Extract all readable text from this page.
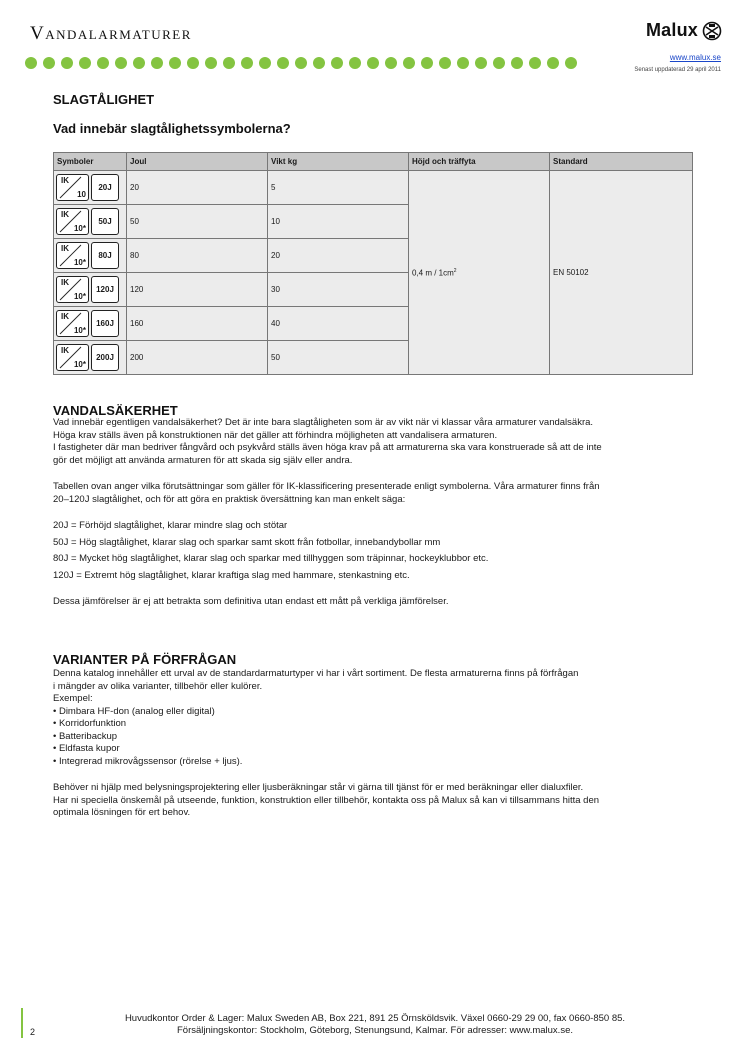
Vandalarmaturer	Malux
www.malux.se
Senast uppdaterad 29 april 2011
SLAGTÅLIGHET
Vad innebär slagtålighetssymbolerna?
Symboler	Joul	Vikt kg	Höjd och träffyta	Standard

IK
10
20J	20	5	0,4 m / $1cm^2$	EN 50102

IK
10*
50J	50	10		

IK
10*
80J	80	20		

IK
10*
120J	120	30		

IK
10*
160J	160	40		

IK
10*
200J	200	50		
VANDALSÄKERHET

Vad innebär egentligen vandalsäkerhet? Det är inte bara slagtåligheten som är av vikt när vi klassar våra armaturer vandalsäkra.

Höga krav ställs även på konstruktionen när det gäller att förhindra möjligheten att vandalisera armaturen.

I fastigheter där man bedriver fångvård och psykvård ställs även höga krav på att armaturerna ska vara konstruerade så att de inte

gör det möjligt att använda armaturen för att skada sig själv eller andra.

Tabellen ovan anger vilka förutsättningar som gäller för IK-klassificering presenterade enligt symbolerna. Våra armaturer finns från

20–120J slagtålighet, och för att göra en praktisk översättning kan man enkelt säga:

20J = Förhöjd slagtålighet, klarar mindre slag och stötar

50J = Hög slagtålighet, klarar slag och sparkar samt skott från fotbollar, innebandybollar mm

80J = Mycket hög slagtålighet, klarar slag och sparkar med tillhyggen som träpinnar, hockeyklubbor etc.

120J = Extremt hög slagtålighet, klarar kraftiga slag med hammare, stenkastning etc.

Dessa jämförelser är ej att betrakta som definitiva utan endast ett mått på verkliga jämförelser.

VARIANTER PÅ FÖRFRÅGAN

Denna katalog innehåller ett urval av de standardarmaturtyper vi har i vårt sortiment. De flesta armaturerna finns på förfrågan

i mängder av olika varianter, tillbehör eller kulörer.

Exempel:

• Dimbara HF-don (analog eller digital)

• Korridorfunktion

• Batteribackup

• Eldfasta kupor

• Integrerad mikrovågssensor (rörelse + ljus).

Behöver ni hjälp med belysningsprojektering eller ljusberäkningar står vi gärna till tjänst för er med beräkningar eller dialuxfiler.

Har ni speciella önskemål på utseende, funktion, konstruktion eller tillbehör, kontakta oss på Malux så kan vi tillsammans hitta den

optimala lösningen för ert behov.

2
Huvudkontor Order & Lager: Malux Sweden AB, Box 221, 891 25 Örnsköldsvik. Växel 0660-29 29 00, fax 0660-850 85.
Försäljningskontor: Stockholm, Göteborg, Stenungsund, Kalmar. För adresser: www.malux.se.
